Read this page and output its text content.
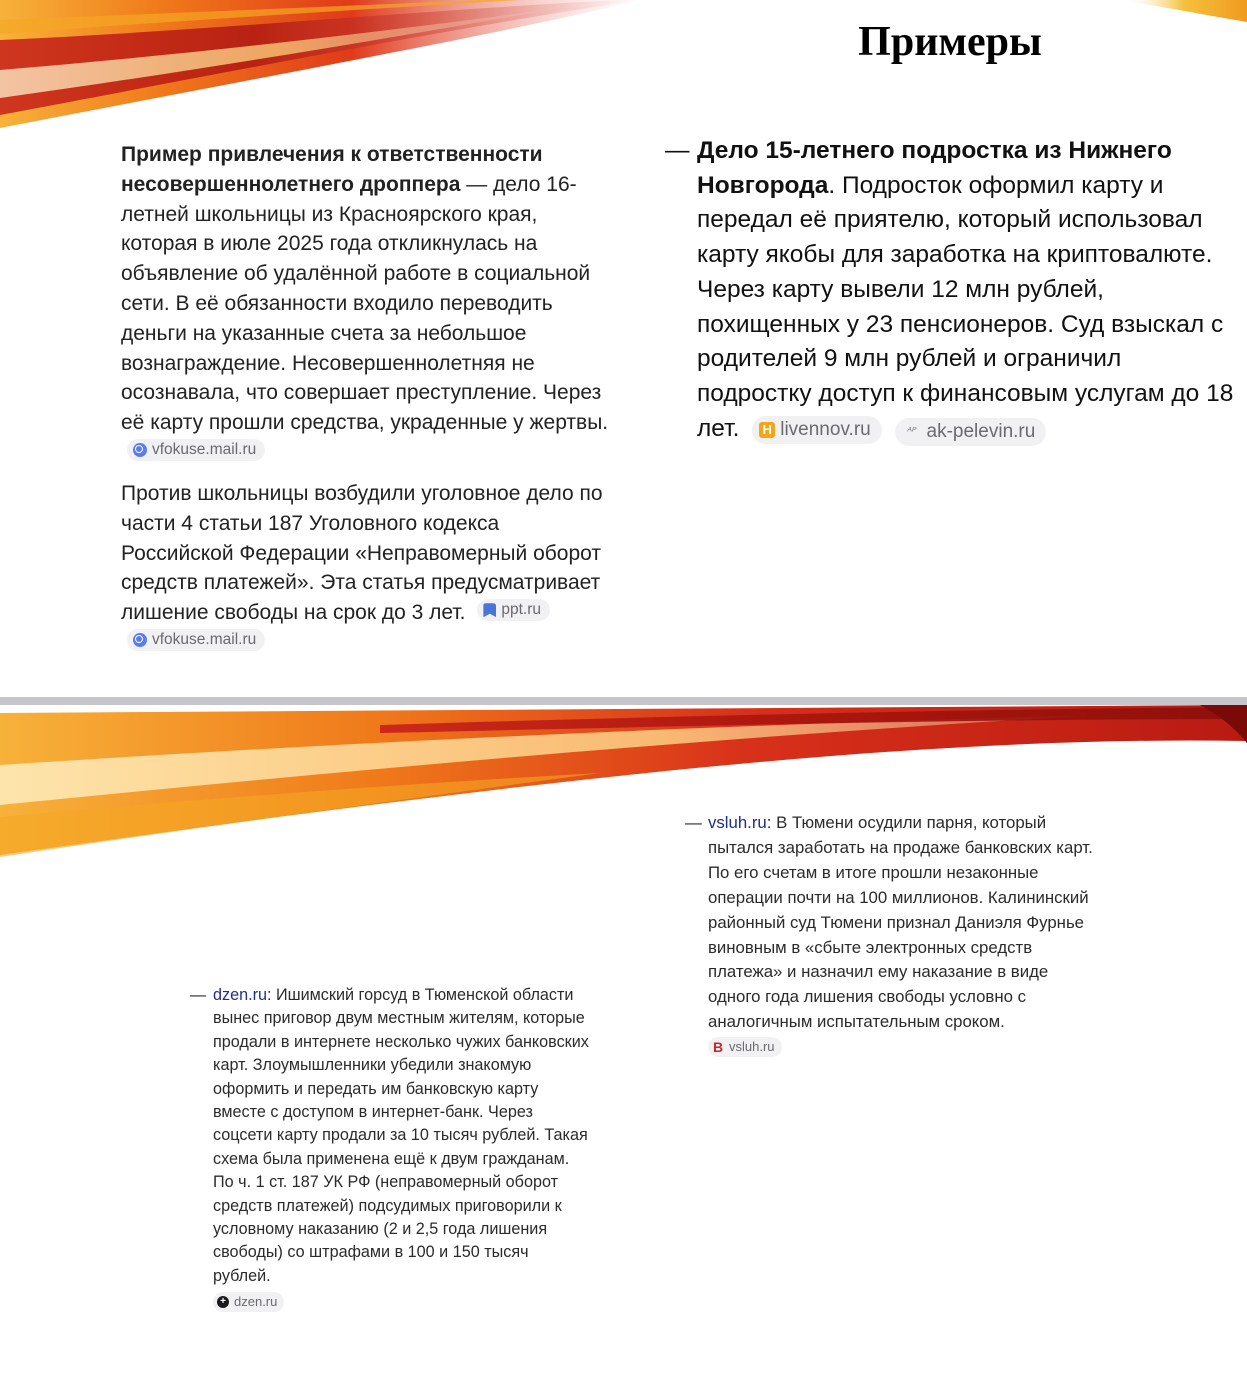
Примеры

Пример привлечения к ответственности несовершеннолетнего дроппера — дело 16-летней школьницы из Красноярского края, которая в июле 2025 года откликнулась на объявление об удалённой работе в социальной сети. В её обязанности входило переводить деньги на указанные счета за небольшое вознаграждение. Несовершеннолетняя не осознавала, что совершает преступление. Через её карту прошли средства, украденные у жертвы.
vfokuse.mail.ru

Против школьницы возбудили уголовное дело по части 4 статьи 187 Уголовного кодекса Российской Федерации «Неправомерный оборот средств платежей». Эта статья предусматривает лишение свободы на срок до 3 лет. ppt.ru

vfokuse.mail.ru

— Дело 15-летнего подростка из Нижнего Новгорода. Подросток оформил карту и передал её приятелю, который использовал карту якобы для заработка на криптовалюте. Через карту вывели 12 млн рублей, похищенных у 23 пенсионеров. Суд взыскал с родителей 9 млн рублей и ограничил подростку доступ к финансовым услугам до 18 лет. Н livennov.ru
	ᴬᴾ ak-pelevin.ru

— vsluh.ru: В Тюмени осудили парня, который пытался заработать на продаже банковских карт. По его счетам в итоге прошли незаконные операции почти на 100 миллионов. Калининский районный суд Тюмени признал Даниэля Фурнье виновным в «сбыте электронных средств платежа» и назначил ему наказание в виде одного года лишения свободы условно с аналогичным испытательным сроком.
B vsluh.ru

— dzen.ru: Ишимский горсуд в Тюменской области вынес приговор двум местным жителям, которые продали в интернете несколько чужих банковских карт. Злоумышленники убедили знакомую оформить и передать им банковскую карту вместе с доступом в интернет-банк. Через соцсети карту продали за 10 тысяч рублей. Такая схема была применена ещё к двум гражданам. По ч. 1 ст. 187 УК РФ (неправомерный оборот средств платежей) подсудимых приговорили к условному наказанию (2 и 2,5 года лишения свободы) со штрафами в 100 и 150 тысяч рублей.
+ dzen.ru
